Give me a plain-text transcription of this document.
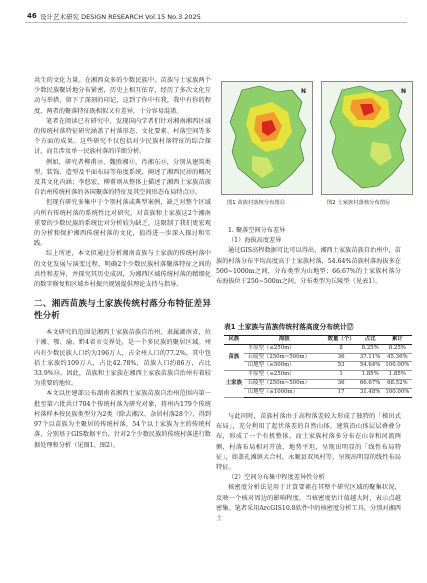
46 设计艺术研究 DESIGN RESEARCH Vol.15 No.3 2025

共生的文化力量。在湘西众多的少数民族中，苗族与土家族两个少数民族聚居地分布紧密，历史上相互依存，经历了多次文化互动与举措，留下了深刻的印记，这到了你中有我，我中有你的程度，两者的聚落特征既相似又有差异，十分容易混淆。

笔者在阅读已有研究中，发现国内学者们针对湘南湘西区域的传统村落特征研究涵盖了村落形态、文化要素、村落空间等多个方面的成果。这些研究不仅包括对少民族村落特征的综合探讨，而且涉及单一民族村落的详细分析。

例如，研究者柳甫⑩、魏胜湘⑪、肖湘东⑫，分别从建筑类型、装饰、造型及平面布局等角度系统，阐述了湘西民居的概况及其文化内涵；李悠宏、柳甫则从整体上描述了湘西土家族苗族自治州传统村落的各国聚落的特征及其空间形态布局特点⑬。

但现有研究多集中于个别村落或典型案例，缺乏对整个区域内所有传统村落的系统性比对研究，对苗族和土家族这2个湘南重要的少数民族的系统比对分析较为缺乏，这限制了我们更宏观的分析和保护湘西传统村落的文化，值得进一步深入探讨和实践。

综上所述，本文拟通过分析湘南苗族与土家族的传统村落中的文化发展与演变过程，明确2个少数民族村落聚落特征之间的共性和差异，并探究其历史成因，为湘西区域传统村落的精细化的数字修复和区域乡村振兴规划提供理论支持与指导。

二、湘西苗族与土家族传统村落分布特征差异性分析

本文研究的范围是湘西土家族苗族自治州，隶属湖南省，位于湘、鄂、渝、黔4省市交界处，是一个多民族的聚居区域。州内有少数民族人口约为196万人，占全州人口的77.2%，其中包括土家族约109万人，占比42.78%，苗族人口约86万，占比33.9%⑭。因此，苗族和土家族在湘西土家族苗族自治州有着较为重要的地位。

本文以住建部公布湖南省湘西土家族苗族自治州范围内第一批至第六批共计704个传统村落为研究对象，将州内179个传统村落样本按民族类型分为2类（除去湘汉、杂居村落28个），得到97个以苗族为主聚居的传统村落，54个以土家族为主的传统村落，分别基于GIS数据平台，针对2个少数民族的传统村落进行数据处理和分析（见图1、图2）。

N	N
图1 苗族村落核分布图⑮	图2 土家族村落核分布图⑯

1. 聚落空间分布差异

（1）海拔高度差异

通过GIS高程数据可比可以得出，湘西土家族苗族自治州中，苗族的村落分布平均高度高于土家族村落，54.64%苗族村落海拔多在500~1000m之间，分布类型为山地型；66.67%的土家族村落分布海拔位于250~500m之间，分布类型为丘陵型（见表1）。

表1 土家族与苗族传统村落高度分布统计⑰
民族	海拔	数量（个）	占比	累计
苗族	平原型（≤250m）	8	8.25%	8.25%
	丘陵型（250m~500m）	36	37.11%	45.36%
	山地型（≥500m）	53	54.64%	100.00%
土家族	平原型（≤250m）	1	1.85%	1.85%
	丘陵型（250m~500m）	36	66.67%	68.52%
	山地型（≥1000m）	17	31.48%	100.00%

与此同时，苗族村落由于高程落差较大形成了独特的「梯田式布局」，充分利用了起伏落差的自然山体，建筑沿山体层层叠叠分布，形成了一个有机整体。而土家族村落多分布在山谷和河流两侧，村落布局相对开放，地势平坦，呈现出明显的「线性布局特征」，如盖孔滩镇大合村，永顺县双凤村等，呈现出明显的线性布局特征。

（2）空间分布集中程度差异性分析

核密度分析法是用于计算要素在其整个研究区域的聚集状况，反映一个核对周边的影响程度，当核密度估计值越大时，表示点越密集。笔者采用ArcGIS10.8软件中的核密度分析工具，分别对湘西土
